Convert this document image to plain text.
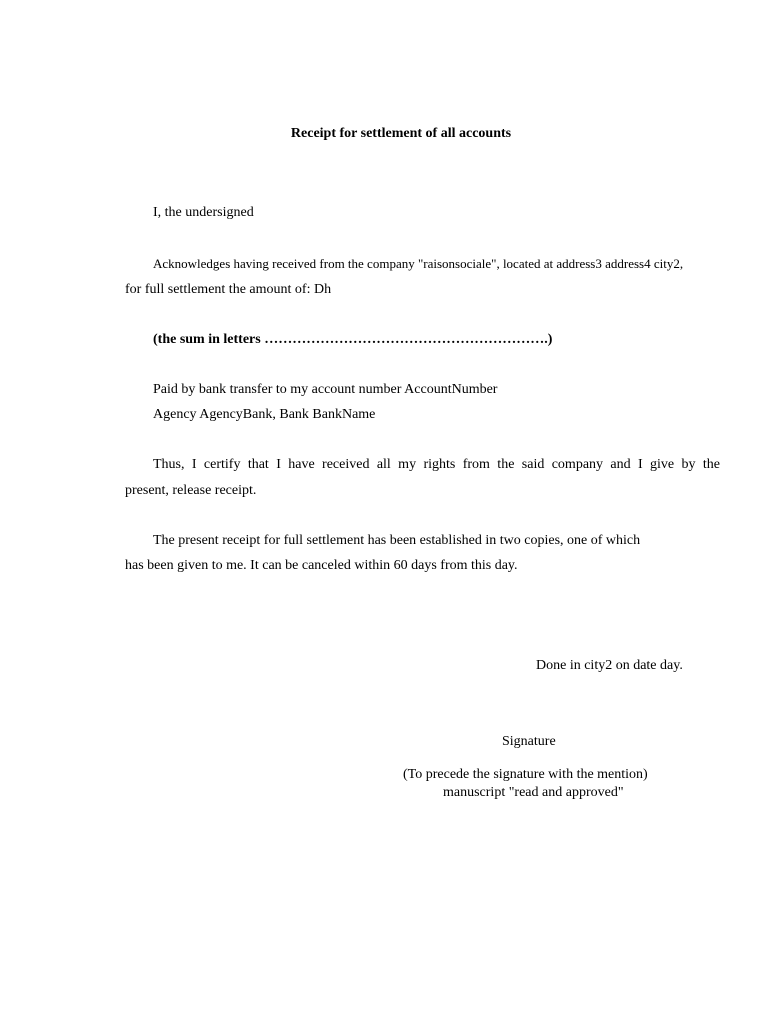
Receipt for settlement of all accounts
I, the undersigned
Acknowledges having received from the company "raisonsociale", located at address3 address4 city2,
for full settlement the amount of: Dh
(the sum in letters …………………………………………………….)
Paid by bank transfer to my account number AccountNumber
Agency AgencyBank, Bank BankName
Thus, I certify that I have received all my rights from the said company and I give by the
present, release receipt.
The present receipt for full settlement has been established in two copies, one of which
has been given to me. It can be canceled within 60 days from this day.
Done in city2 on date day.
Signature
(To precede the signature with the mention)
manuscript "read and approved"
